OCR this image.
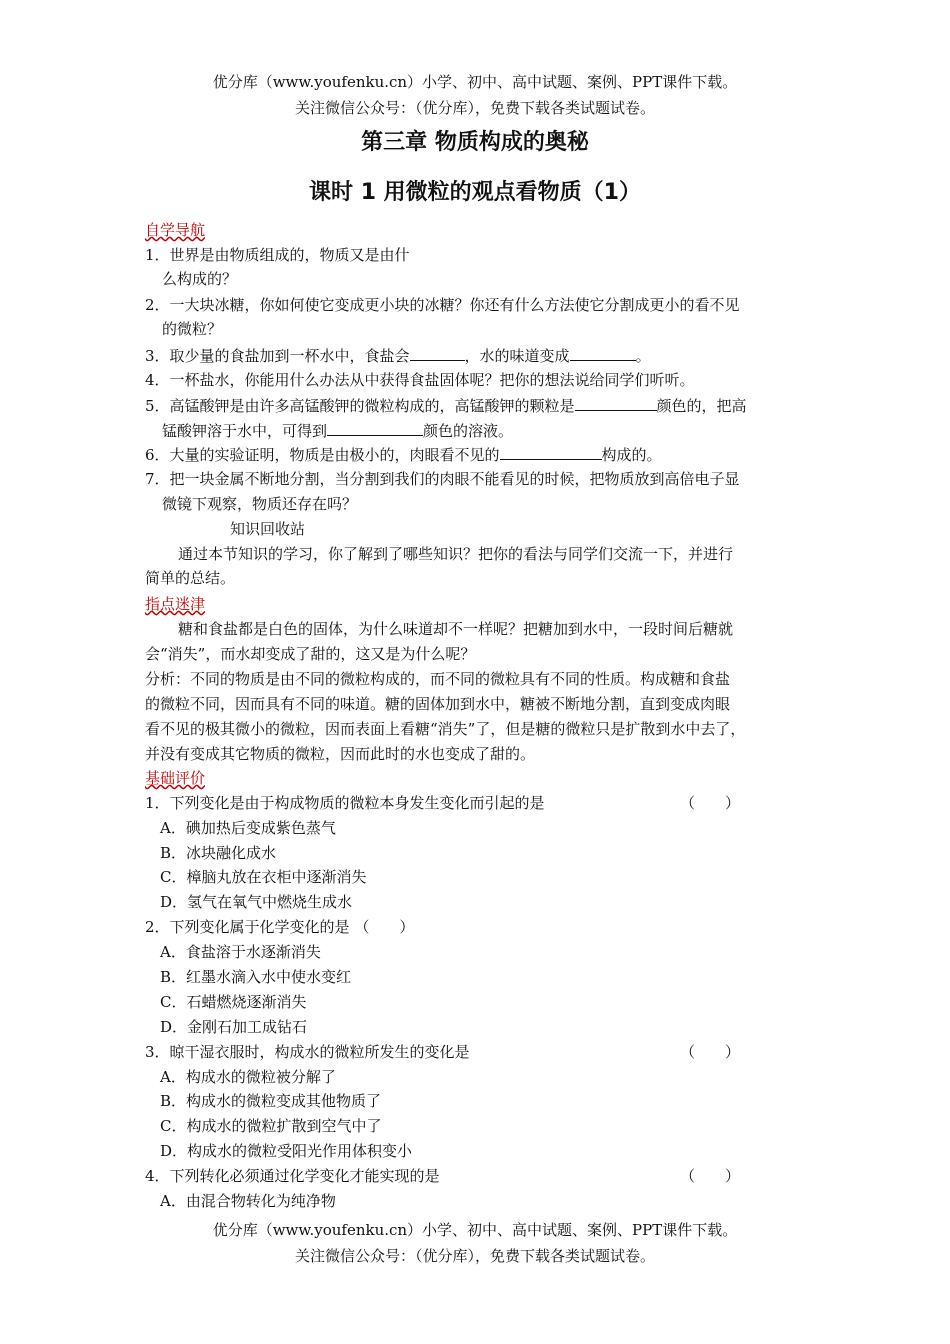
优分库（www.youfenku.cn）小学、初中、高中试题、案例、PPT课件下载。
关注微信公众号：（优分库），免费下载各类试题试卷。
第三章 物质构成的奥秘
课时 1 用微粒的观点看物质（1）
自学导航
1．世界是由物质组成的，物质又是由什
么构成的？
2．一大块冰糖，你如何使它变成更小块的冰糖？你还有什么方法使它分割成更小的看不见
的微粒？
3．取少量的食盐加到一杯水中，食盐会	，水的味道变成	。
4．一杯盐水，你能用什么办法从中获得食盐固体呢？把你的想法说给同学们听听。
5．高锰酸钾是由许多高锰酸钾的微粒构成的，高锰酸钾的颗粒是	颜色的，把高
锰酸钾溶于水中，可得到	颜色的溶液。
6．大量的实验证明，物质是由极小的，肉眼看不见的	构成的。
7．把一块金属不断地分割，当分割到我们的肉眼不能看见的时候，把物质放到高倍电子显
微镜下观察，物质还存在吗？
知识回收站
通过本节知识的学习，你了解到了哪些知识？把你的看法与同学们交流一下，并进行
简单的总结。
指点迷津
糖和食盐都是白色的固体，为什么味道却不一样呢？把糖加到水中，一段时间后糖就
会“消失”，而水却变成了甜的，这又是为什么呢？
分析：不同的物质是由不同的微粒构成的，而不同的微粒具有不同的性质。构成糖和食盐
的微粒不同，因而具有不同的味道。糖的固体加到水中，糖被不断地分割，直到变成肉眼
看不见的极其微小的微粒，因而表面上看糖“消失”了，但是糖的微粒只是扩散到水中去了，
并没有变成其它物质的微粒，因而此时的水也变成了甜的。
基础评价
1．下列变化是由于构成物质的微粒本身发生变化而引起的是	（　　）
A．碘加热后变成紫色蒸气
B．冰块融化成水
C．樟脑丸放在衣柜中逐渐消失
D．氢气在氧气中燃烧生成水
2．下列变化属于化学变化的是 （　　）
A．食盐溶于水逐渐消失
B．红墨水滴入水中使水变红
C．石蜡燃烧逐渐消失
D．金刚石加工成钻石
3．晾干湿衣服时，构成水的微粒所发生的变化是	（　　）
A．构成水的微粒被分解了
B．构成水的微粒变成其他物质了
C．构成水的微粒扩散到空气中了
D．构成水的微粒受阳光作用体积变小
4．下列转化必须通过化学变化才能实现的是	（　　）
A．由混合物转化为纯净物
优分库（www.youfenku.cn）小学、初中、高中试题、案例、PPT课件下载。
关注微信公众号：（优分库），免费下载各类试题试卷。
